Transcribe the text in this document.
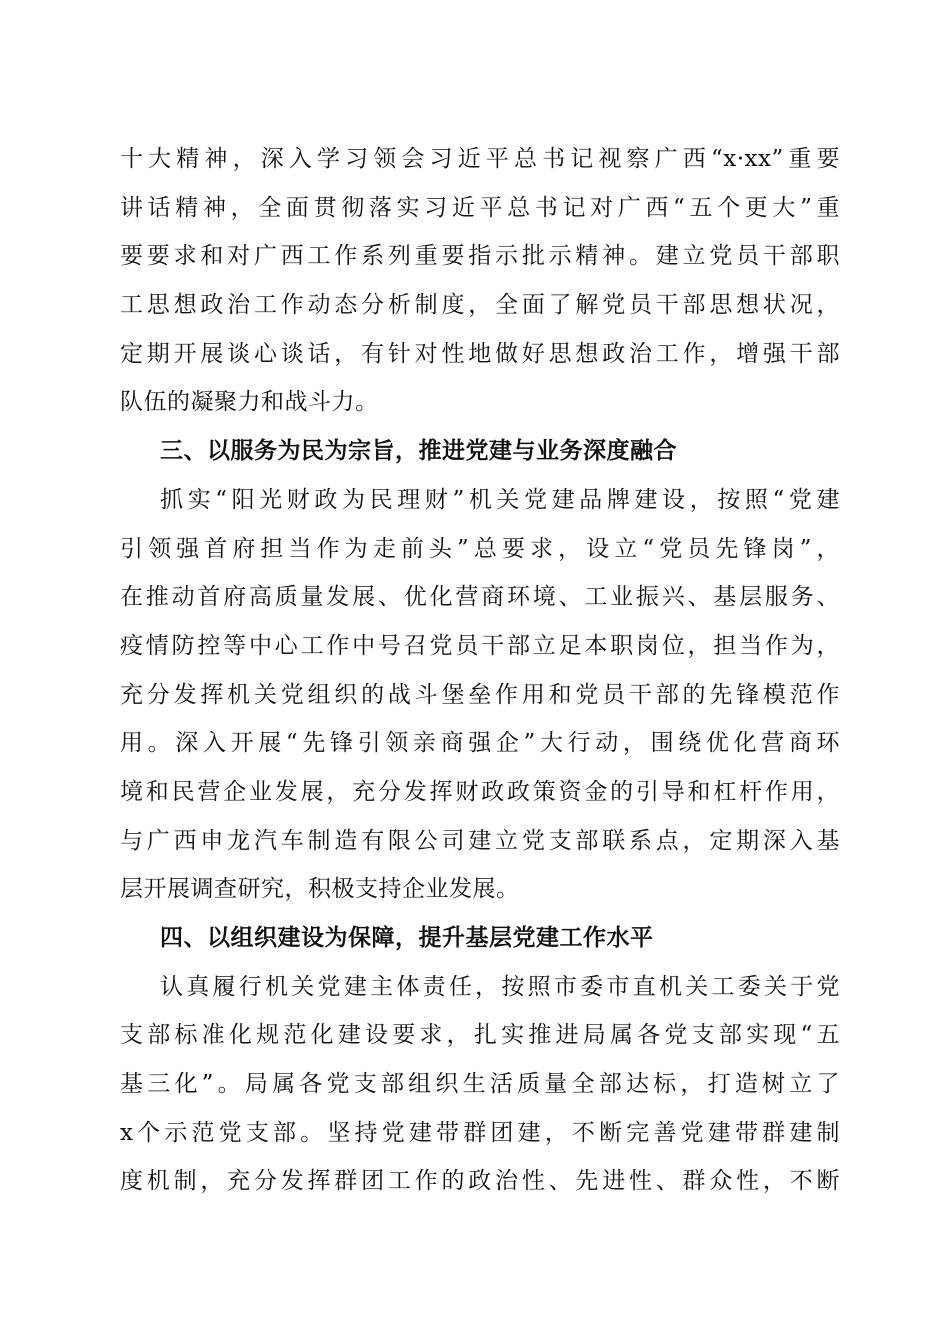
十大精神，深入学习领会习近平总书记视察广西“x·xx”重要
讲话精神，全面贯彻落实习近平总书记对广西“五个更大”重
要要求和对广西工作系列重要指示批示精神。建立党员干部职
工思想政治工作动态分析制度，全面了解党员干部思想状况，
定期开展谈心谈话，有针对性地做好思想政治工作，增强干部
队伍的凝聚力和战斗力。
三、以服务为民为宗旨，推进党建与业务深度融合
抓实“阳光财政为民理财”机关党建品牌建设，按照“党建
引领强首府担当作为走前头”总要求，设立“党员先锋岗”，
在推动首府高质量发展、优化营商环境、工业振兴、基层服务、
疫情防控等中心工作中号召党员干部立足本职岗位，担当作为，
充分发挥机关党组织的战斗堡垒作用和党员干部的先锋模范作
用。深入开展“先锋引领亲商强企”大行动，围绕优化营商环
境和民营企业发展，充分发挥财政政策资金的引导和杠杆作用，
与广西申龙汽车制造有限公司建立党支部联系点，定期深入基
层开展调查研究，积极支持企业发展。
四、以组织建设为保障，提升基层党建工作水平
认真履行机关党建主体责任，按照市委市直机关工委关于党
支部标准化规范化建设要求，扎实推进局属各党支部实现“五
基三化”。局属各党支部组织生活质量全部达标，打造树立了
x个示范党支部。坚持党建带群团建，不断完善党建带群建制
度机制，充分发挥群团工作的政治性、先进性、群众性，不断
